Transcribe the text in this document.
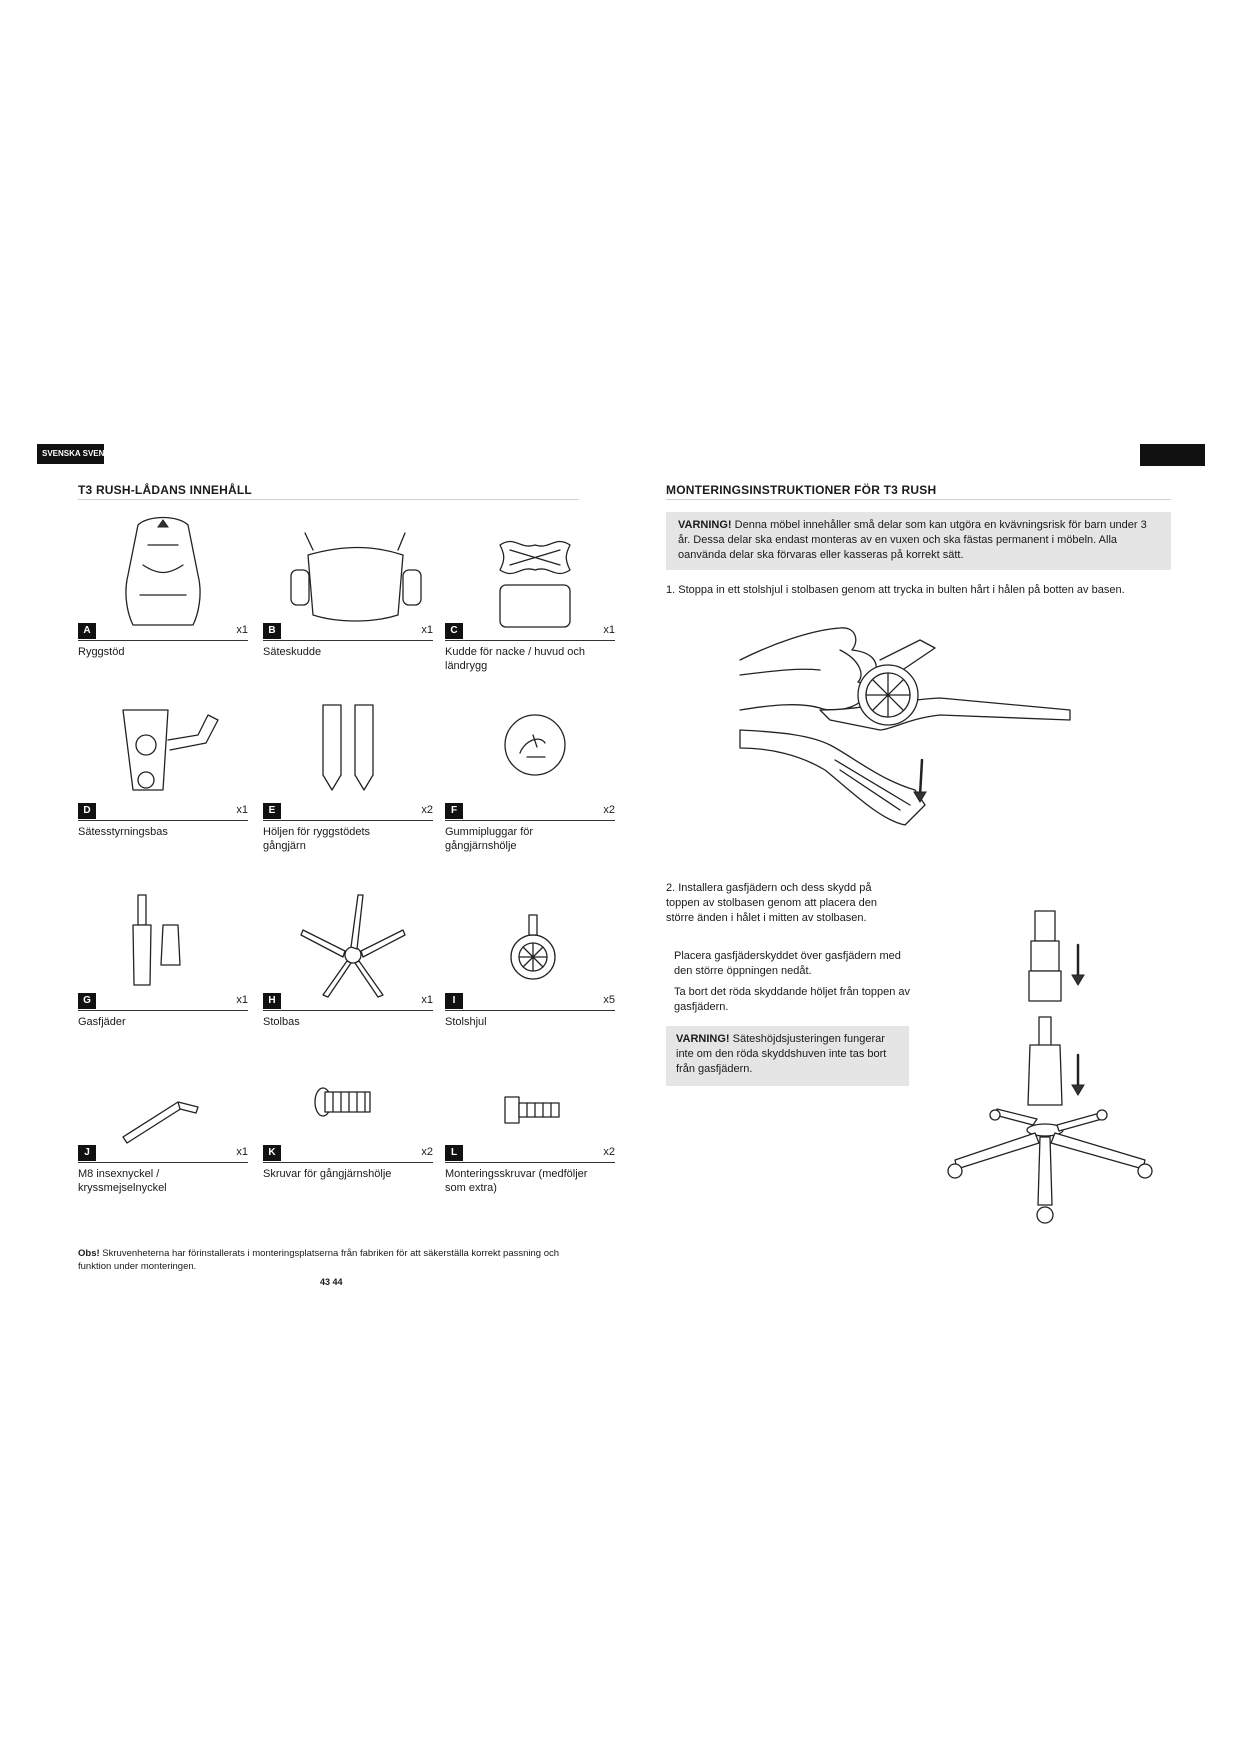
SVENSKA SVENSKA
T3 RUSH-LÅDANS INNEHÅLL
A	x1
Ryggstöd
B	x1
Säteskudde
C	x1
Kudde för nacke / huvud och ländrygg
D	x1
Sätesstyrningsbas
E	x2
Höljen för ryggstödets gångjärn
F	x2
Gummipluggar för gångjärnshölje
G	x1
Gasfjäder
H	x1
Stolbas
I	x5
Stolshjul
J	x1
M8 insexnyckel / kryssmejselnyckel
K	x2
Skruvar för gångjärnshölje
L	x2
Monteringsskruvar (medföljer som extra)
Obs! Skruvenheterna har förinstallerats i monteringsplatserna från fabriken för att säkerställa korrekt passning och funktion under monteringen.
43 44
MONTERINGSINSTRUKTIONER FÖR T3 RUSH
VARNING! Denna möbel innehåller små delar som kan utgöra en kvävningsrisk för barn under 3 år. Dessa delar ska endast monteras av en vuxen och ska fästas permanent i möbeln. Alla oanvända delar ska förvaras eller kasseras på korrekt sätt.
1. Stoppa in ett stolshjul i stolbasen genom att trycka in bulten hårt i hålen på botten av basen.
2. Installera gasfjädern och dess skydd på toppen av stolbasen genom att placera den större änden i hålet i mitten av stolbasen.
Placera gasfjäderskyddet över gasfjädern med den större öppningen nedåt.
Ta bort det röda skyddande höljet från toppen av gasfjädern.
VARNING! Säteshöjdsjusteringen fungerar inte om den röda skyddshuven inte tas bort från gasfjädern.
